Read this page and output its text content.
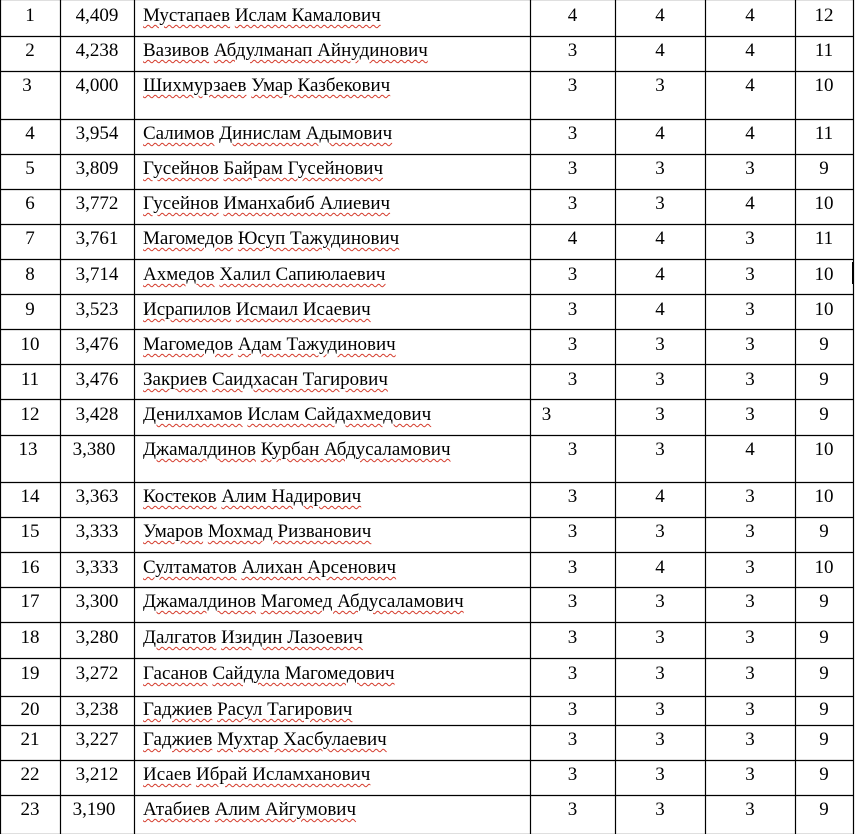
1	4,409	Мустапаев Ислам Камалович	4	4	4	12
2	4,238	Вазивов Абдулманап Айнудинович	3	4	4	11
3	4,000	Шихмурзаев Умар Казбекович	3	3	4	10
4	3,954	Салимов Динислам Адымович	3	4	4	11
5	3,809	Гусейнов Байрам Гусейнович	3	3	3	9
6	3,772	Гусейнов Иманхабиб Алиевич	3	3	4	10
7	3,761	Магомедов Юсуп Тажудинович	4	4	3	11
8	3,714	Ахмедов Халил Сапиюлаевич	3	4	3	10
9	3,523	Исрапилов Исмаил Исаевич	3	4	3	10
10	3,476	Магомедов Адам Тажудинович	3	3	3	9
11	3,476	Закриев Саидхасан Тагирович	3	3	3	9
12	3,428	Денилхамов Ислам Сайдахмедович	3	3	3	9
13	3,380	Джамалдинов Курбан Абдусаламович	3	3	4	10
14	3,363	Костеков Алим Надирович	3	4	3	10
15	3,333	Умаров Мохмад Ризванович	3	3	3	9
16	3,333	Султаматов Алихан Арсенович	3	4	3	10
17	3,300	Джамалдинов Магомед Абдусаламович	3	3	3	9
18	3,280	Далгатов Изидин Лазоевич	3	3	3	9
19	3,272	Гасанов Сайдула Магомедович	3	3	3	9
20	3,238	Гаджиев Расул Тагирович	3	3	3	9
21	3,227	Гаджиев Мухтар Хасбулаевич	3	3	3	9
22	3,212	Исаев Ибрай Исламханович	3	3	3	9
23	3,190	Атабиев Алим Айгумович	3	3	3	9
